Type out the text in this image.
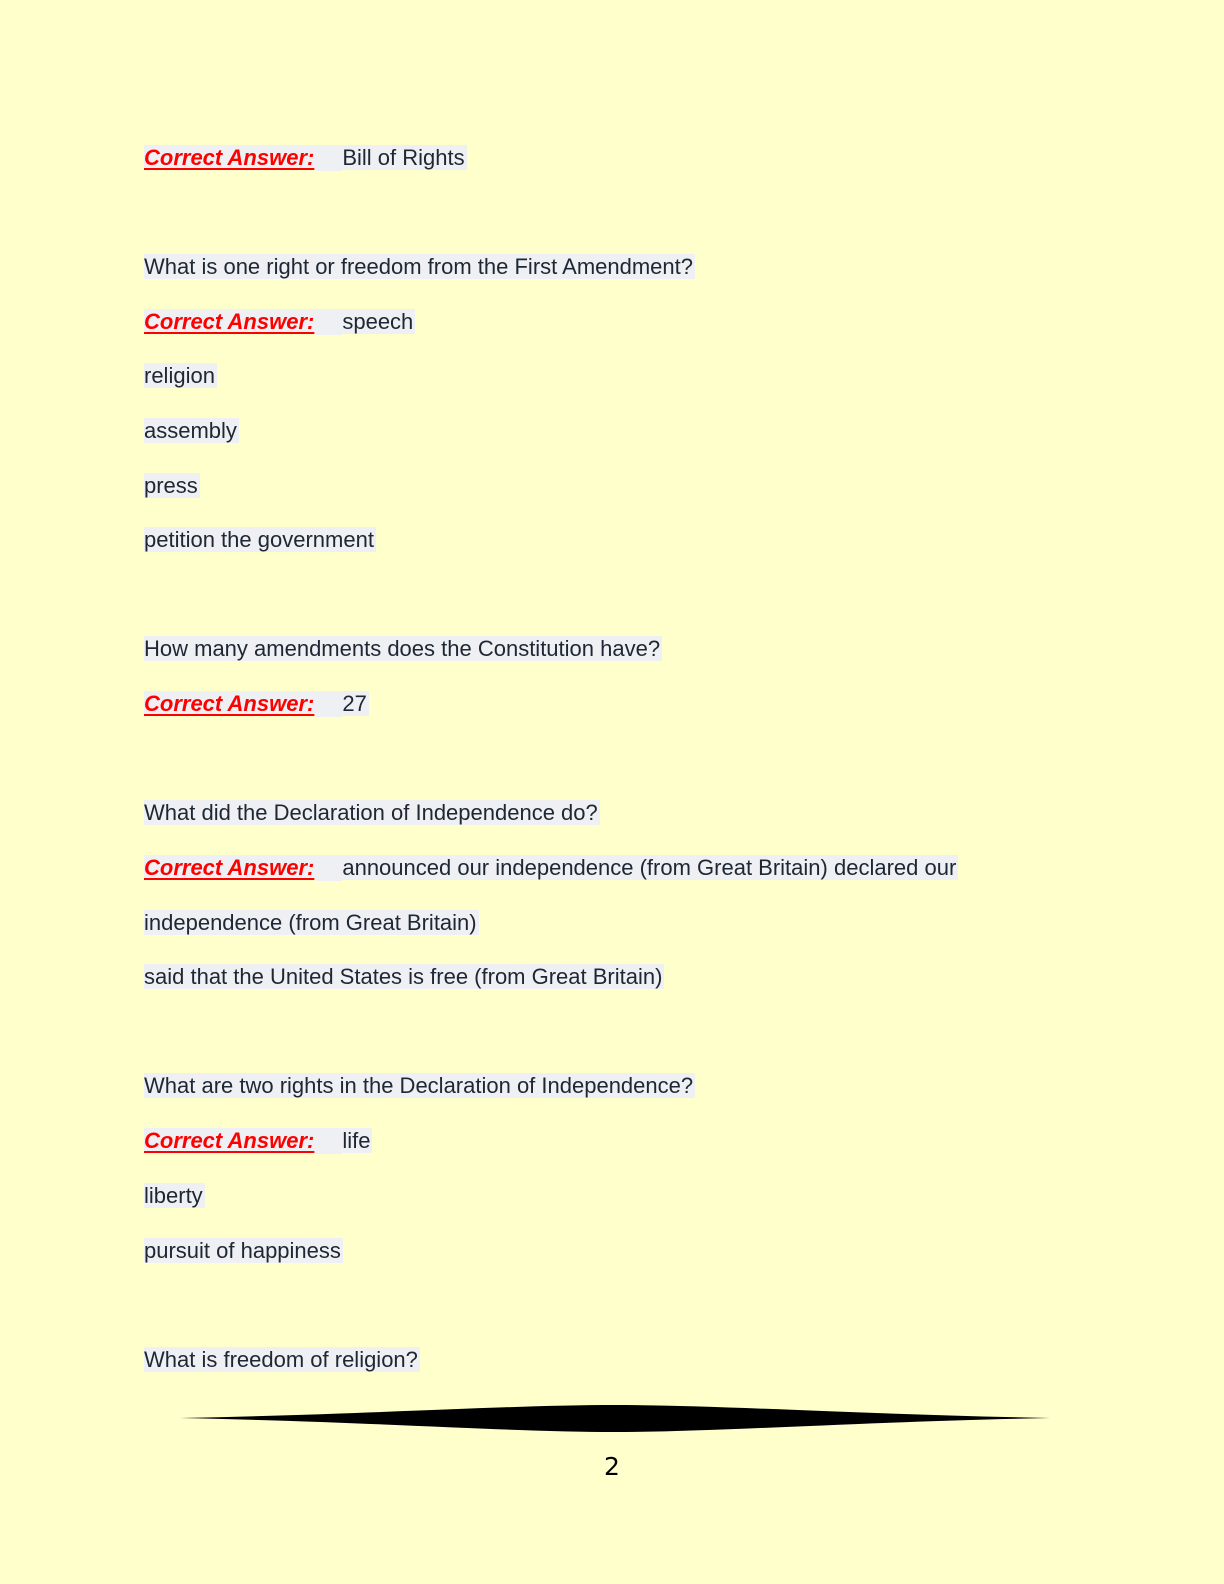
Correct Answer: Bill of Rights
What is one right or freedom from the First Amendment?
Correct Answer: speech
religion
assembly
press
petition the government
How many amendments does the Constitution have?
Correct Answer: 27
What did the Declaration of Independence do?
Correct Answer: announced our independence (from Great Britain) declared our
independence (from Great Britain)
said that the United States is free (from Great Britain)
What are two rights in the Declaration of Independence?
Correct Answer: life
liberty
pursuit of happiness
What is freedom of religion?
2
